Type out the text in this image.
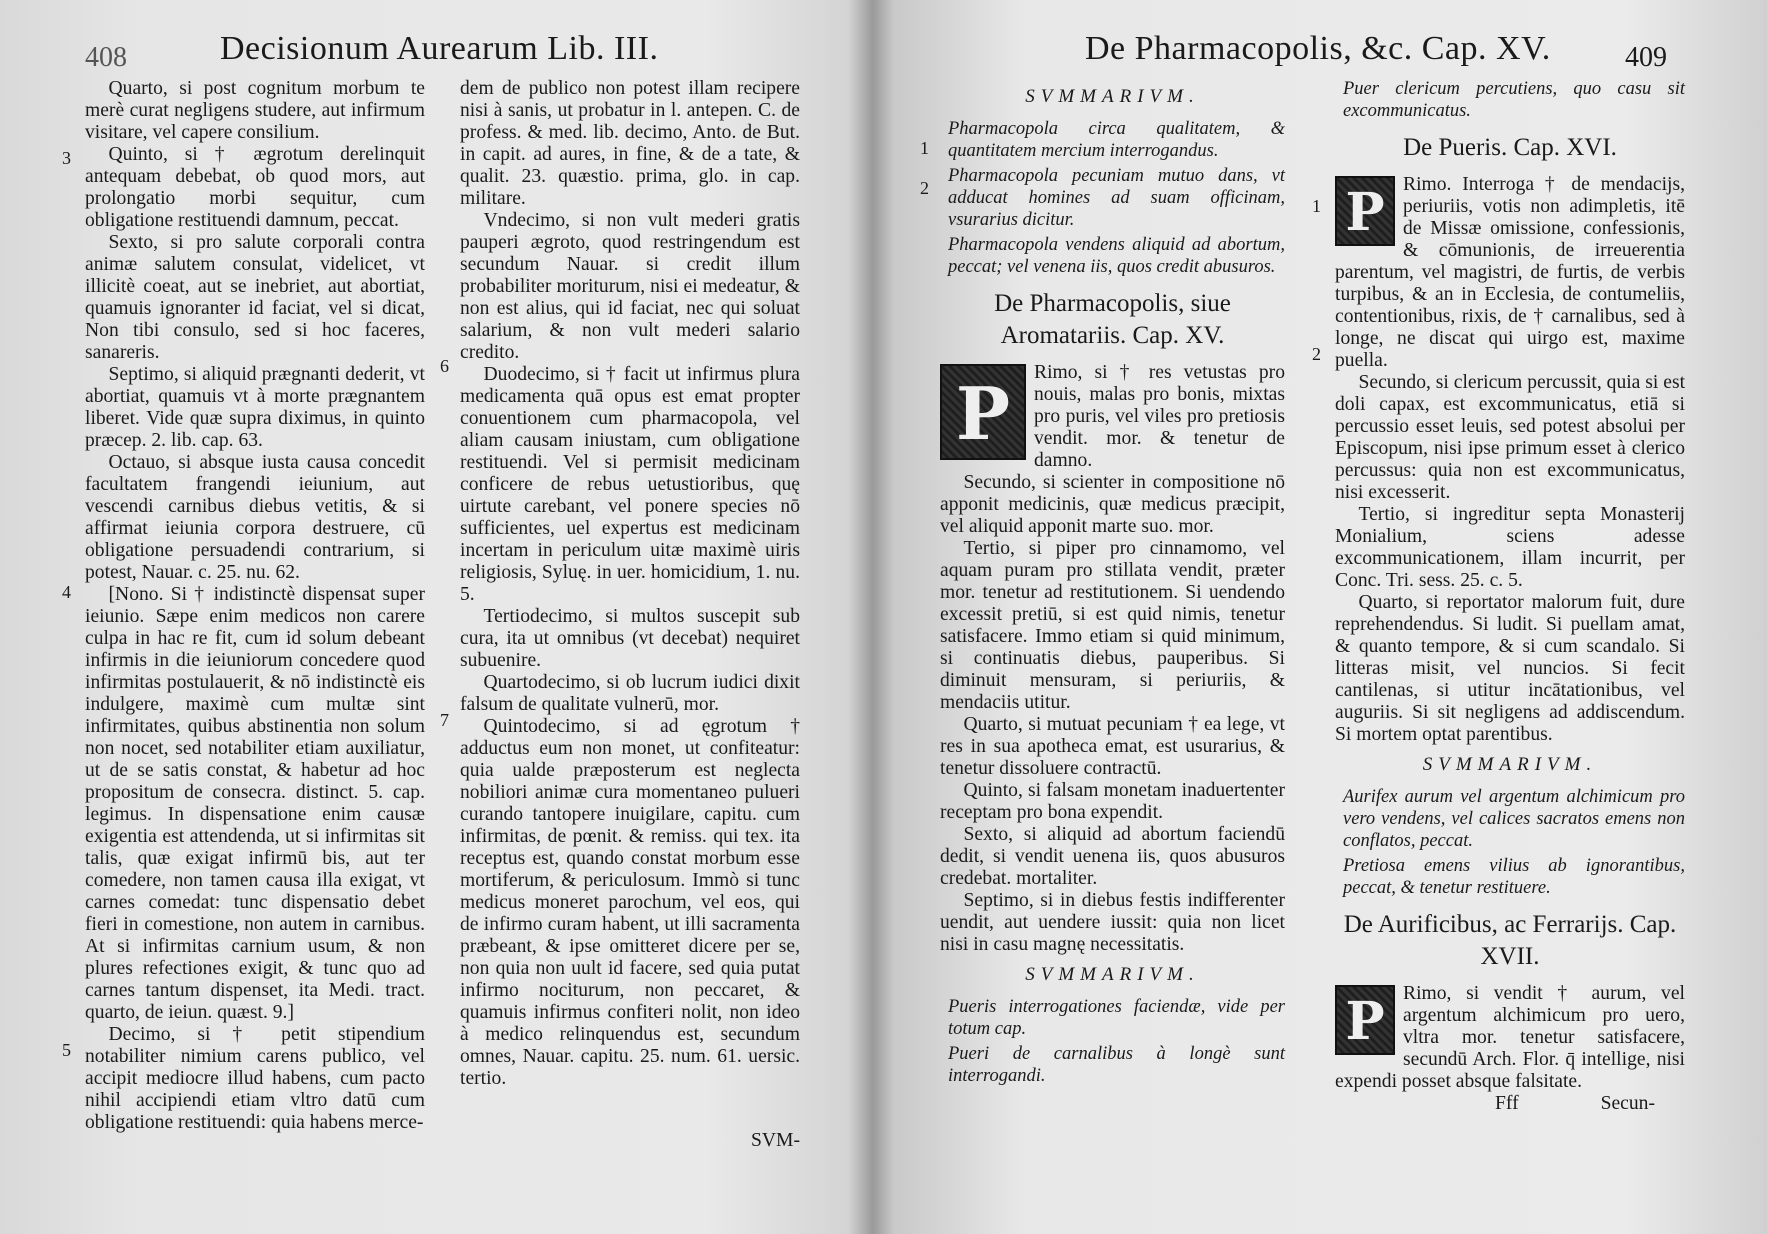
408	Decisionum Aurearum Lib. III.
3
4
5
6
7

Quarto, si post cognitum morbum te merè curat negligens studere, aut infirmum visitare, vel capere consilium.

Quinto, si † ægrotum derelinquit antequam debebat, ob quod mors, aut prolongatio morbi sequitur, cum obligatione restituendi damnum, peccat.

Sexto, si pro salute corporali contra animæ salutem consulat, videlicet, vt illicitè coeat, aut se inebriet, aut abortiat, quamuis ignoranter id faciat, vel si dicat, Non tibi consulo, sed si hoc faceres, sanareris.

Septimo, si aliquid prægnanti dederit, vt abortiat, quamuis vt à morte prægnantem liberet. Vide quæ supra diximus, in quinto præcep. 2. lib. cap. 63.

Octauo, si absque iusta causa concedit facultatem frangendi ieiunium, aut vescendi carnibus diebus vetitis, & si affirmat ieiunia corpora destruere, cū obligatione persuadendi contrarium, si potest, Nauar. c. 25. nu. 62.

[Nono. Si † indistinctè dispensat super ieiunio. Sæpe enim medicos non carere culpa in hac re fit, cum id solum debeant infirmis in die ieiuniorum concedere quod infirmitas postulauerit, & nō indistinctè eis indulgere, maximè cum multæ sint infirmitates, quibus abstinentia non solum non nocet, sed notabiliter etiam auxiliatur, ut de se satis constat, & habetur ad hoc propositum de consecra. distinct. 5. cap. legimus. In dispensatione enim causæ exigentia est attendenda, ut si infirmitas sit talis, quæ exigat infirmū bis, aut ter comedere, non tamen causa illa exigat, vt carnes comedat: tunc dispensatio debet fieri in comestione, non autem in carnibus. At si infirmitas carnium usum, & non plures refectiones exigit, & tunc quo ad carnes tantum dispenset, ita Medi. tract. quarto, de ieiun. quæst. 9.]

Decimo, si † petit stipendium notabiliter nimium carens publico, vel accipit mediocre illud habens, cum pacto nihil accipiendi etiam vltro datū cum obligatione restituendi: quia habens merce-

dem de publico non potest illam recipere nisi à sanis, ut probatur in l. antepen. C. de profess. & med. lib. decimo, Anto. de But. in capit. ad aures, in fine, & de a tate, & qualit. 23. quæstio. prima, glo. in cap. militare.

Vndecimo, si non vult mederi gratis pauperi ægroto, quod restringendum est secundum Nauar. si credit illum probabiliter moriturum, nisi ei medeatur, & non est alius, qui id faciat, nec qui soluat salarium, & non vult mederi salario credito.

Duodecimo, si † facit ut infirmus plura medicamenta quā opus est emat propter conuentionem cum pharmacopola, vel aliam causam iniustam, cum obligatione restituendi. Vel si permisit medicinam conficere de rebus uetustioribus, quę uirtute carebant, vel ponere species nō sufficientes, uel expertus est medicinam incertam in periculum uitæ maximè uiris religiosis, Syluę. in uer. homicidium, 1. nu. 5.

Tertiodecimo, si multos suscepit sub cura, ita ut omnibus (vt decebat) nequiret subuenire.

Quartodecimo, si ob lucrum iudici dixit falsum de qualitate vulnerū, mor.

Quintodecimo, si ad ęgrotum † adductus eum non monet, ut confiteatur: quia ualde præposterum est neglecta nobiliori animæ cura momentaneo pulueri curando tantopere inuigilare, capitu. cum infirmitas, de pœnit. & remiss. qui tex. ita receptus est, quando constat morbum esse mortiferum, & periculosum. Immò si tunc medicus moneret parochum, vel eos, qui de infirmo curam habent, ut illi sacramenta præbeant, & ipse omitteret dicere per se, non quia non uult id facere, sed quia putat infirmo nociturum, non peccaret, & quamuis infirmus confiteri nolit, non ideo à medico relinquendus est, secundum omnes, Nauar. capitu. 25. num. 61. uersic. tertio.

SVM-
De Pharmacopolis, &c. Cap. XV.	409
SVMMARIVM.

Pharmacopola circa qualitatem, & quantitatem mercium interrogandus.

Pharmacopola pecuniam mutuo dans, vt adducat homines ad suam officinam, vsurarius dicitur.

Pharmacopola vendens aliquid ad abortum, peccat; vel venena iis, quos credit abusuros.

De Pharmacopolis, siue Aromatariis. Cap. XV.
P	Rimo, si † res vetustas pro nouis, malas pro bonis, mixtas pro puris, vel viles pro pretiosis vendit. mor. & tenetur de damno.

Secundo, si scienter in compositione nō apponit medicinis, quæ medicus præcipit, vel aliquid apponit marte suo. mor.

Tertio, si piper pro cinnamomo, vel aquam puram pro stillata vendit, præter mor. tenetur ad restitutionem. Si uendendo excessit pretiū, si est quid nimis, tenetur satisfacere. Immo etiam si quid minimum, si continuatis diebus, pauperibus. Si diminuit mensuram, si periuriis, & mendaciis utitur.

Quarto, si mutuat pecuniam † ea lege, vt res in sua apotheca emat, est usurarius, & tenetur dissoluere contractū.

Quinto, si falsam monetam inaduertenter receptam pro bona expendit.

Sexto, si aliquid ad abortum faciendū dedit, si vendit uenena iis, quos abusuros credebat. mortaliter.

Septimo, si in diebus festis indifferenter uendit, aut uendere iussit: quia non licet nisi in casu magnę necessitatis.

SVMMARIVM.

Pueris interrogationes faciendæ, vide per totum cap.

Pueri de carnalibus à longè sunt interrogandi.

1
2
1
2

Puer clericum percutiens, quo casu sit excommunicatus.

De Pueris. Cap. XVI.
P Rimo. Interroga † de mendacijs, periuriis, votis non adimpletis, itē de Missæ omissione, confessionis, & cōmunionis, de irreuerentia parentum, vel magistri, de furtis, de verbis turpibus, & an in Ecclesia, de contumeliis, contentionibus, rixis, de † carnalibus, sed à longe, ne discat qui uirgo est, maxime puella.

Secundo, si clericum percussit, quia si est doli capax, est excommunicatus, etiā si percussio esset leuis, sed potest absolui per Episcopum, nisi ipse primum esset à clerico percussus: quia non est excommunicatus, nisi excesserit.

Tertio, si ingreditur septa Monasterij Monialium, sciens adesse excommunicationem, illam incurrit, per Conc. Tri. sess. 25. c. 5.

Quarto, si reportator malorum fuit, dure reprehendendus. Si ludit. Si puellam amat, & quanto tempore, & si cum scandalo. Si litteras misit, vel nuncios. Si fecit cantilenas, si utitur incātationibus, vel auguriis. Si sit negligens ad addiscendum. Si mortem optat parentibus.

SVMMARIVM.

Aurifex aurum vel argentum alchimicum pro vero vendens, vel calices sacratos emens non conflatos, peccat.

Pretiosa emens vilius ab ignorantibus, peccat, & tenetur restituere.

De Aurificibus, ac Ferrarijs. Cap. XVII.
P Rimo, si vendit † aurum, vel argentum alchimicum pro uero, vltra mor. tenetur satisfacere, secundū Arch. Flor. q̄ intellige, nisi expendi posset absque falsitate.

Fff	Secun-
